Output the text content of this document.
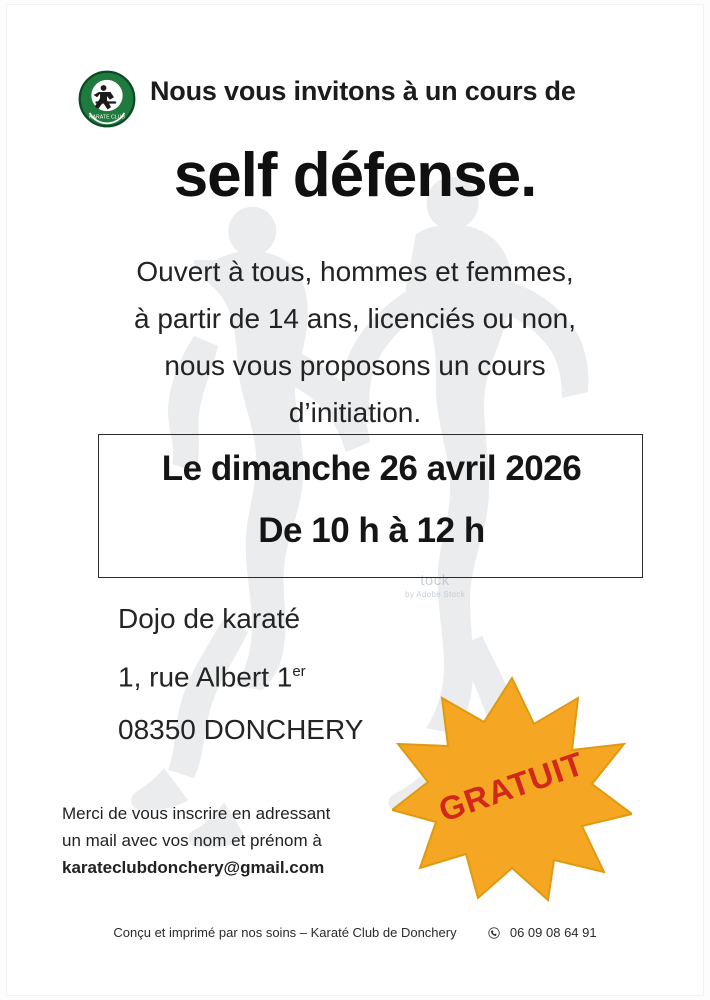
tock
by Adobe Stock
KARATE CLUB
Nous vous invitons à un cours de
self défense.
Ouvert à tous, hommes et femmes,
à partir de 14 ans, licenciés ou non,
nous vous proposons un cours
d’initiation.
Le dimanche 26 avril 2026
De 10 h à 12 h
Dojo de karaté
1, rue Albert 1er
08350 DONCHERY
GRATUIT
Merci de vous inscrire en adressant
un mail avec vos nom et prénom à
karateclubdonchery@gmail.com
Conçu et imprimé par nos soins – Karaté Club de Donchery	06 09 08 64 91
